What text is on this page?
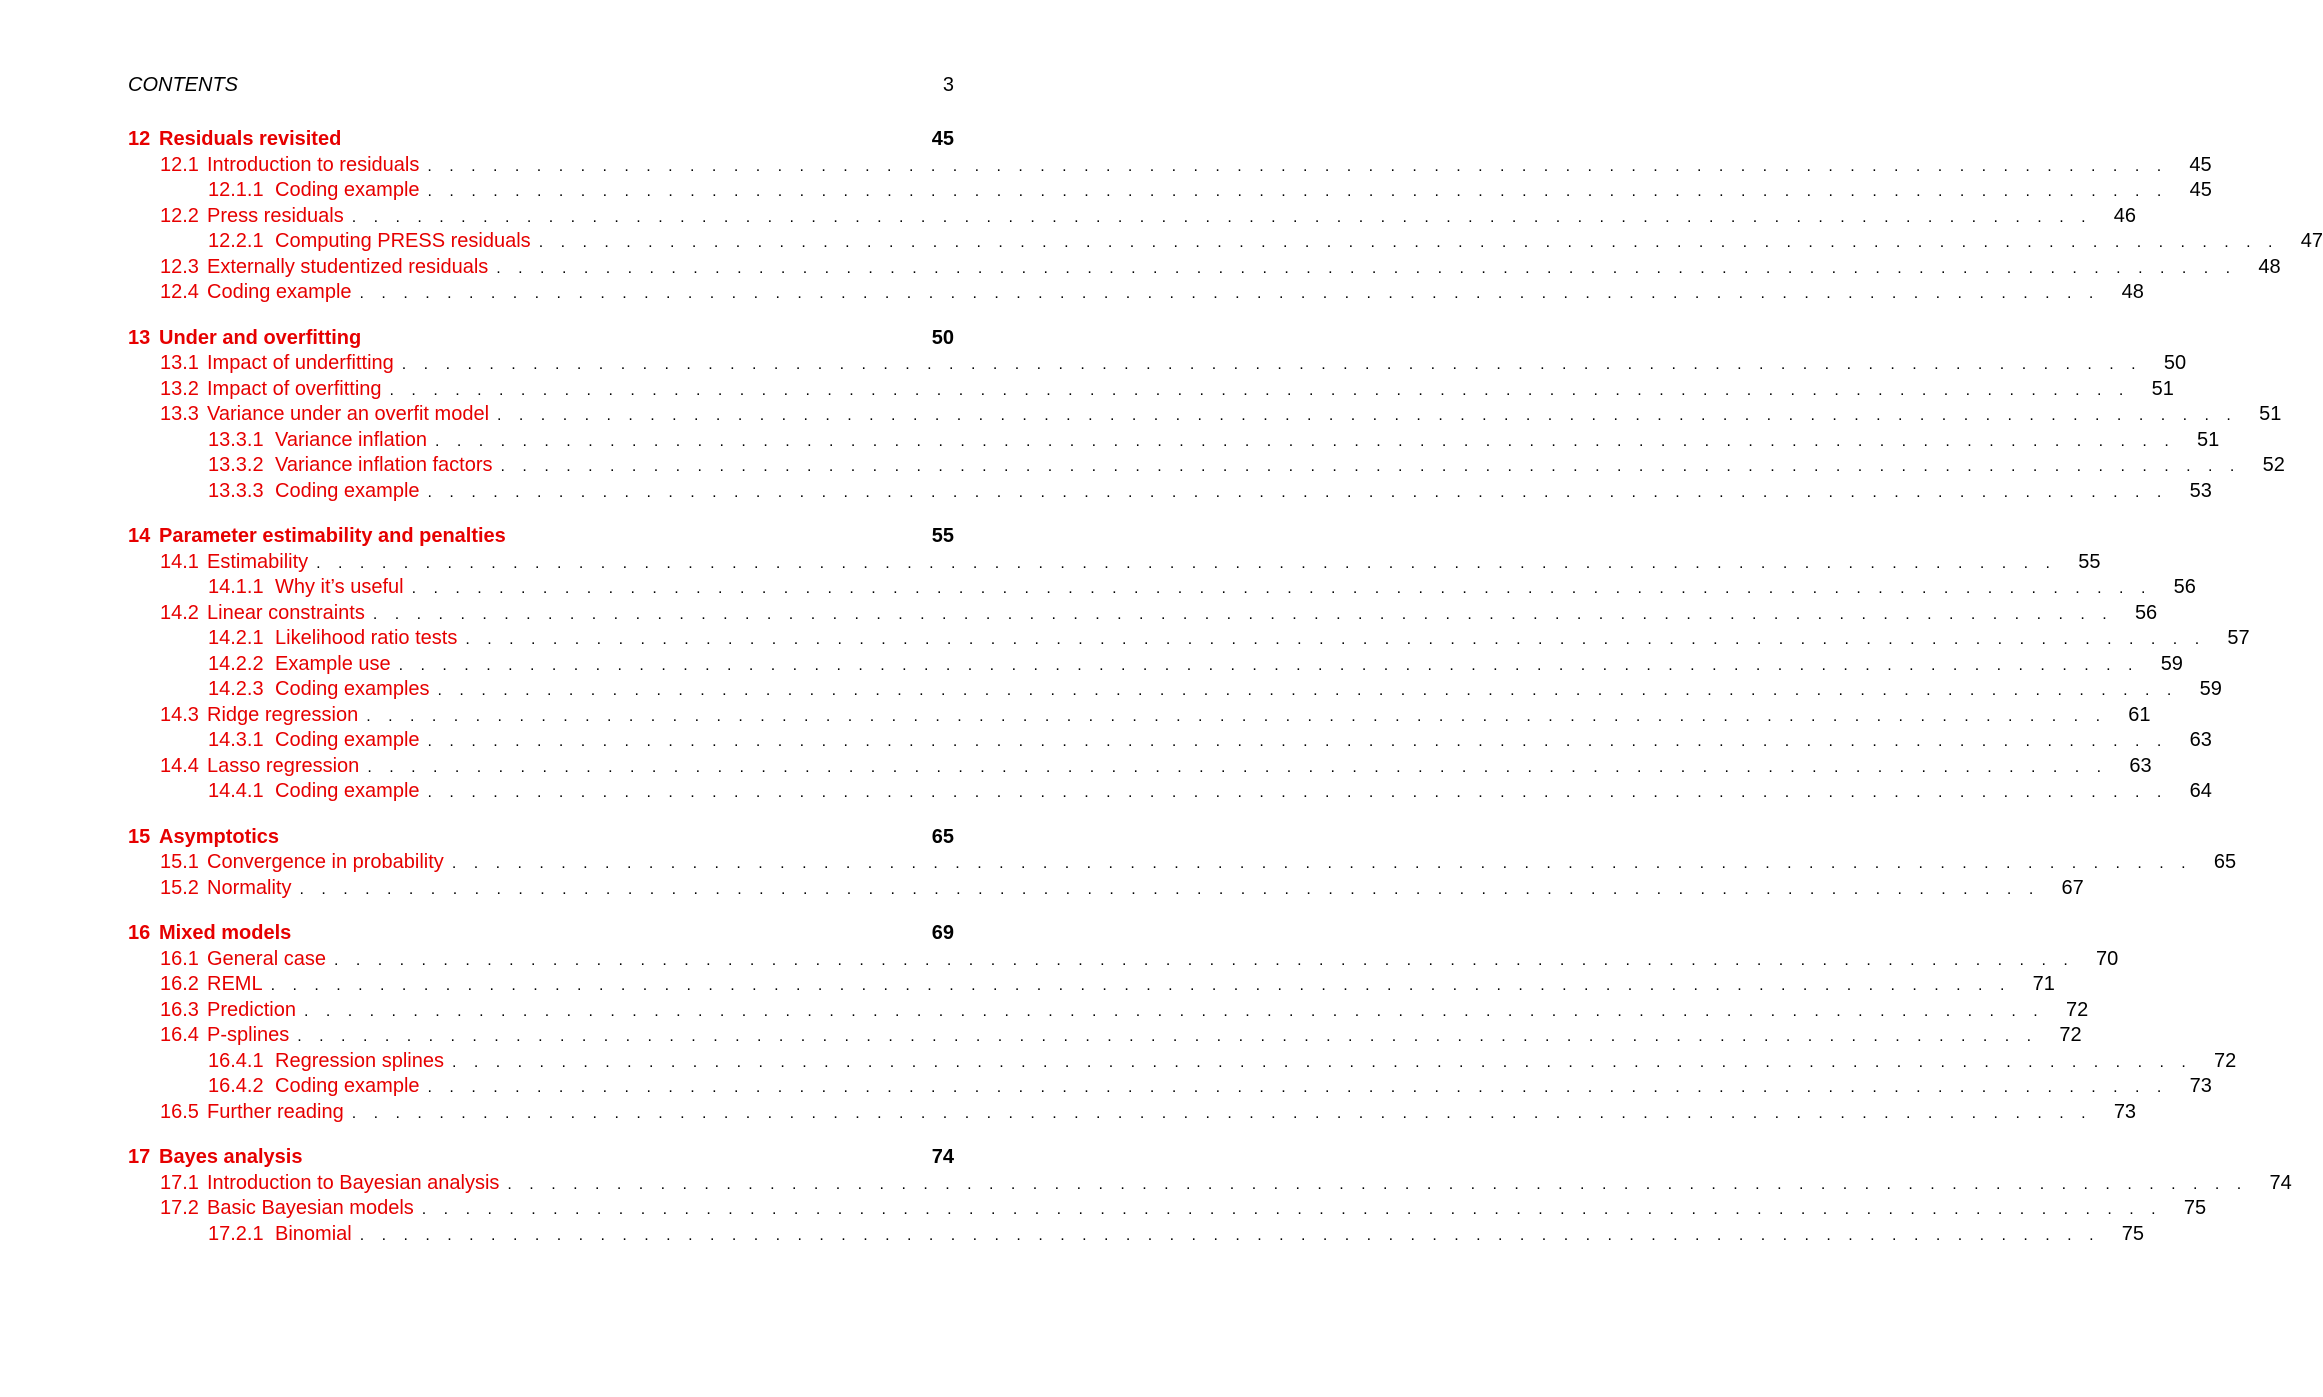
CONTENTS	3
12 Residuals revisited	45
12.1 Introduction to residuals . . . . . . . . . . . . . . . . . . . . . . . . . . . . . . . . . . . . . . . . . . . . . . . . . . . . . . . . . . . . . . . . . . . . . . . . . . . . . . . .	45
12.1.1 Coding example . . . . . . . . . . . . . . . . . . . . . . . . . . . . . . . . . . . . . . . . . . . . . . . . . . . . . . . . . . . . . . . . . . . . . . . . . . . . . . . .	45
12.2 Press residuals . . . . . . . . . . . . . . . . . . . . . . . . . . . . . . . . . . . . . . . . . . . . . . . . . . . . . . . . . . . . . . . . . . . . . . . . . . . . . . . .	46
12.2.1 Computing PRESS residuals . . . . . . . . . . . . . . . . . . . . . . . . . . . . . . . . . . . . . . . . . . . . . . . . . . . . . . . . . . . . . . . . . . . . . . . . . . . . . . . .	47
12.3 Externally studentized residuals . . . . . . . . . . . . . . . . . . . . . . . . . . . . . . . . . . . . . . . . . . . . . . . . . . . . . . . . . . . . . . . . . . . . . . . . . . . . . . . .	48
12.4 Coding example . . . . . . . . . . . . . . . . . . . . . . . . . . . . . . . . . . . . . . . . . . . . . . . . . . . . . . . . . . . . . . . . . . . . . . . . . . . . . . . .	48
13 Under and overfitting	50
13.1 Impact of underfitting . . . . . . . . . . . . . . . . . . . . . . . . . . . . . . . . . . . . . . . . . . . . . . . . . . . . . . . . . . . . . . . . . . . . . . . . . . . . . . . .	50
13.2 Impact of overfitting . . . . . . . . . . . . . . . . . . . . . . . . . . . . . . . . . . . . . . . . . . . . . . . . . . . . . . . . . . . . . . . . . . . . . . . . . . . . . . . .	51
13.3 Variance under an overfit model . . . . . . . . . . . . . . . . . . . . . . . . . . . . . . . . . . . . . . . . . . . . . . . . . . . . . . . . . . . . . . . . . . . . . . . . . . . . . . . .	51
13.3.1 Variance inflation . . . . . . . . . . . . . . . . . . . . . . . . . . . . . . . . . . . . . . . . . . . . . . . . . . . . . . . . . . . . . . . . . . . . . . . . . . . . . . . .	51
13.3.2 Variance inflation factors . . . . . . . . . . . . . . . . . . . . . . . . . . . . . . . . . . . . . . . . . . . . . . . . . . . . . . . . . . . . . . . . . . . . . . . . . . . . . . . .	52
13.3.3 Coding example . . . . . . . . . . . . . . . . . . . . . . . . . . . . . . . . . . . . . . . . . . . . . . . . . . . . . . . . . . . . . . . . . . . . . . . . . . . . . . . .	53
14 Parameter estimability and penalties	55
14.1 Estimability . . . . . . . . . . . . . . . . . . . . . . . . . . . . . . . . . . . . . . . . . . . . . . . . . . . . . . . . . . . . . . . . . . . . . . . . . . . . . . . .	55
14.1.1 Why it’s useful . . . . . . . . . . . . . . . . . . . . . . . . . . . . . . . . . . . . . . . . . . . . . . . . . . . . . . . . . . . . . . . . . . . . . . . . . . . . . . . .	56
14.2 Linear constraints . . . . . . . . . . . . . . . . . . . . . . . . . . . . . . . . . . . . . . . . . . . . . . . . . . . . . . . . . . . . . . . . . . . . . . . . . . . . . . . .	56
14.2.1 Likelihood ratio tests . . . . . . . . . . . . . . . . . . . . . . . . . . . . . . . . . . . . . . . . . . . . . . . . . . . . . . . . . . . . . . . . . . . . . . . . . . . . . . . .	57
14.2.2 Example use . . . . . . . . . . . . . . . . . . . . . . . . . . . . . . . . . . . . . . . . . . . . . . . . . . . . . . . . . . . . . . . . . . . . . . . . . . . . . . . .	59
14.2.3 Coding examples . . . . . . . . . . . . . . . . . . . . . . . . . . . . . . . . . . . . . . . . . . . . . . . . . . . . . . . . . . . . . . . . . . . . . . . . . . . . . . . .	59
14.3 Ridge regression . . . . . . . . . . . . . . . . . . . . . . . . . . . . . . . . . . . . . . . . . . . . . . . . . . . . . . . . . . . . . . . . . . . . . . . . . . . . . . . .	61
14.3.1 Coding example . . . . . . . . . . . . . . . . . . . . . . . . . . . . . . . . . . . . . . . . . . . . . . . . . . . . . . . . . . . . . . . . . . . . . . . . . . . . . . . .	63
14.4 Lasso regression . . . . . . . . . . . . . . . . . . . . . . . . . . . . . . . . . . . . . . . . . . . . . . . . . . . . . . . . . . . . . . . . . . . . . . . . . . . . . . . .	63
14.4.1 Coding example . . . . . . . . . . . . . . . . . . . . . . . . . . . . . . . . . . . . . . . . . . . . . . . . . . . . . . . . . . . . . . . . . . . . . . . . . . . . . . . .	64
15 Asymptotics	65
15.1 Convergence in probability . . . . . . . . . . . . . . . . . . . . . . . . . . . . . . . . . . . . . . . . . . . . . . . . . . . . . . . . . . . . . . . . . . . . . . . . . . . . . . . .	65
15.2 Normality . . . . . . . . . . . . . . . . . . . . . . . . . . . . . . . . . . . . . . . . . . . . . . . . . . . . . . . . . . . . . . . . . . . . . . . . . . . . . . . .	67
16 Mixed models	69
16.1 General case . . . . . . . . . . . . . . . . . . . . . . . . . . . . . . . . . . . . . . . . . . . . . . . . . . . . . . . . . . . . . . . . . . . . . . . . . . . . . . . .	70
16.2 REML . . . . . . . . . . . . . . . . . . . . . . . . . . . . . . . . . . . . . . . . . . . . . . . . . . . . . . . . . . . . . . . . . . . . . . . . . . . . . . . .	71
16.3 Prediction . . . . . . . . . . . . . . . . . . . . . . . . . . . . . . . . . . . . . . . . . . . . . . . . . . . . . . . . . . . . . . . . . . . . . . . . . . . . . . . .	72
16.4 P-splines . . . . . . . . . . . . . . . . . . . . . . . . . . . . . . . . . . . . . . . . . . . . . . . . . . . . . . . . . . . . . . . . . . . . . . . . . . . . . . . .	72
16.4.1 Regression splines . . . . . . . . . . . . . . . . . . . . . . . . . . . . . . . . . . . . . . . . . . . . . . . . . . . . . . . . . . . . . . . . . . . . . . . . . . . . . . . .	72
16.4.2 Coding example . . . . . . . . . . . . . . . . . . . . . . . . . . . . . . . . . . . . . . . . . . . . . . . . . . . . . . . . . . . . . . . . . . . . . . . . . . . . . . . .	73
16.5 Further reading . . . . . . . . . . . . . . . . . . . . . . . . . . . . . . . . . . . . . . . . . . . . . . . . . . . . . . . . . . . . . . . . . . . . . . . . . . . . . . . .	73
17 Bayes analysis	74
17.1 Introduction to Bayesian analysis . . . . . . . . . . . . . . . . . . . . . . . . . . . . . . . . . . . . . . . . . . . . . . . . . . . . . . . . . . . . . . . . . . . . . . . . . . . . . . . .	74
17.2 Basic Bayesian models . . . . . . . . . . . . . . . . . . . . . . . . . . . . . . . . . . . . . . . . . . . . . . . . . . . . . . . . . . . . . . . . . . . . . . . . . . . . . . . .	75
17.2.1 Binomial . . . . . . . . . . . . . . . . . . . . . . . . . . . . . . . . . . . . . . . . . . . . . . . . . . . . . . . . . . . . . . . . . . . . . . . . . . . . . . . .	75
